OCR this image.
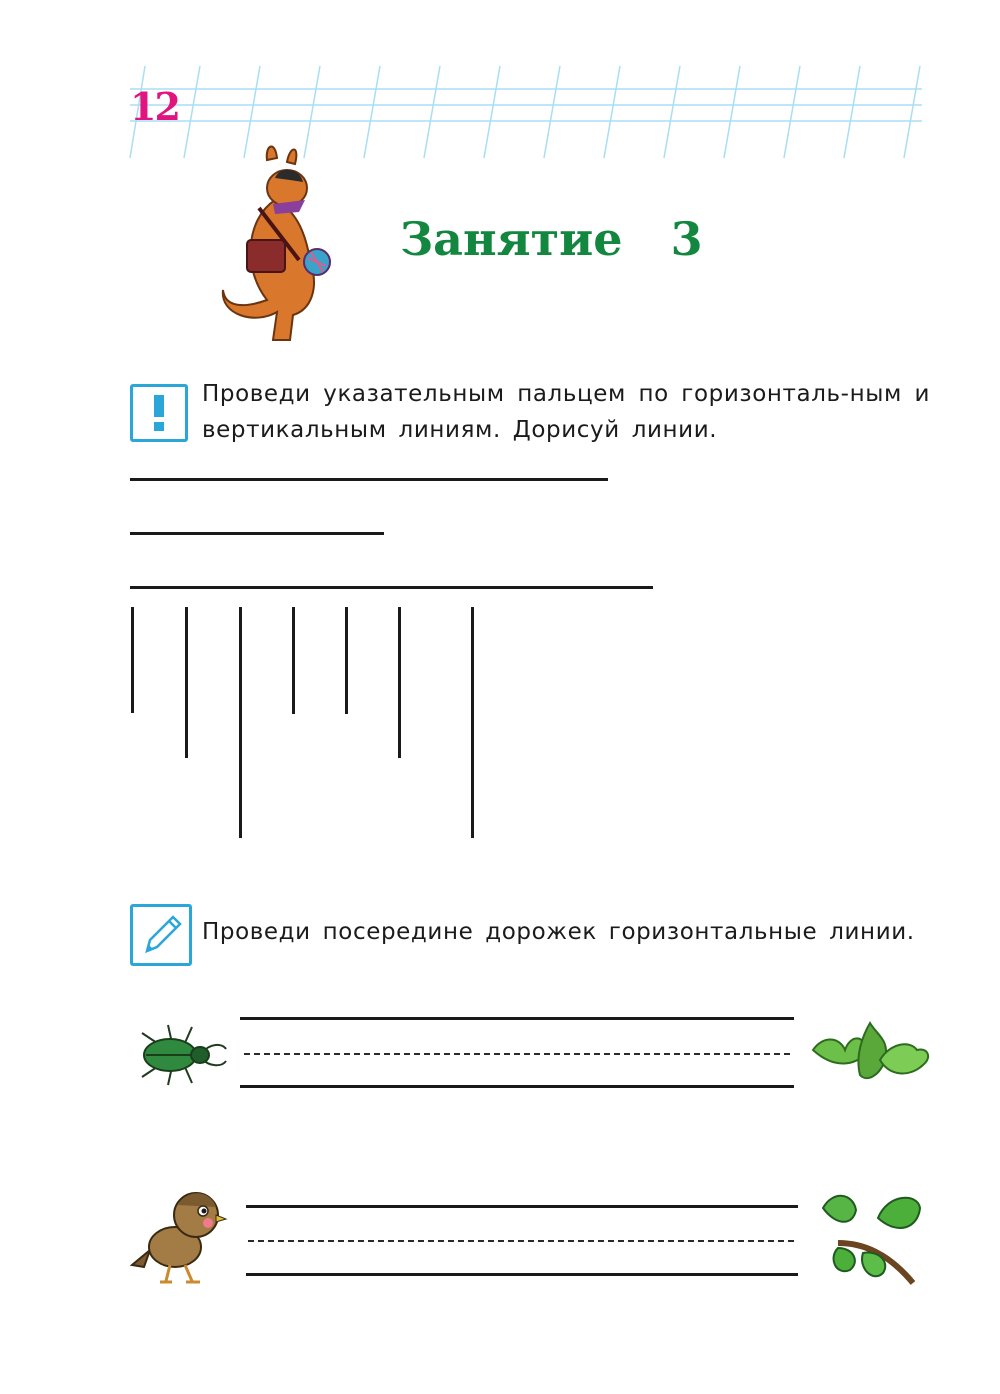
12
Занятие   3
Проведи указательным пальцем по горизонталь-ным и вертикальным линиям. Дорисуй линии.
Проведи посередине дорожек горизонтальные линии.
